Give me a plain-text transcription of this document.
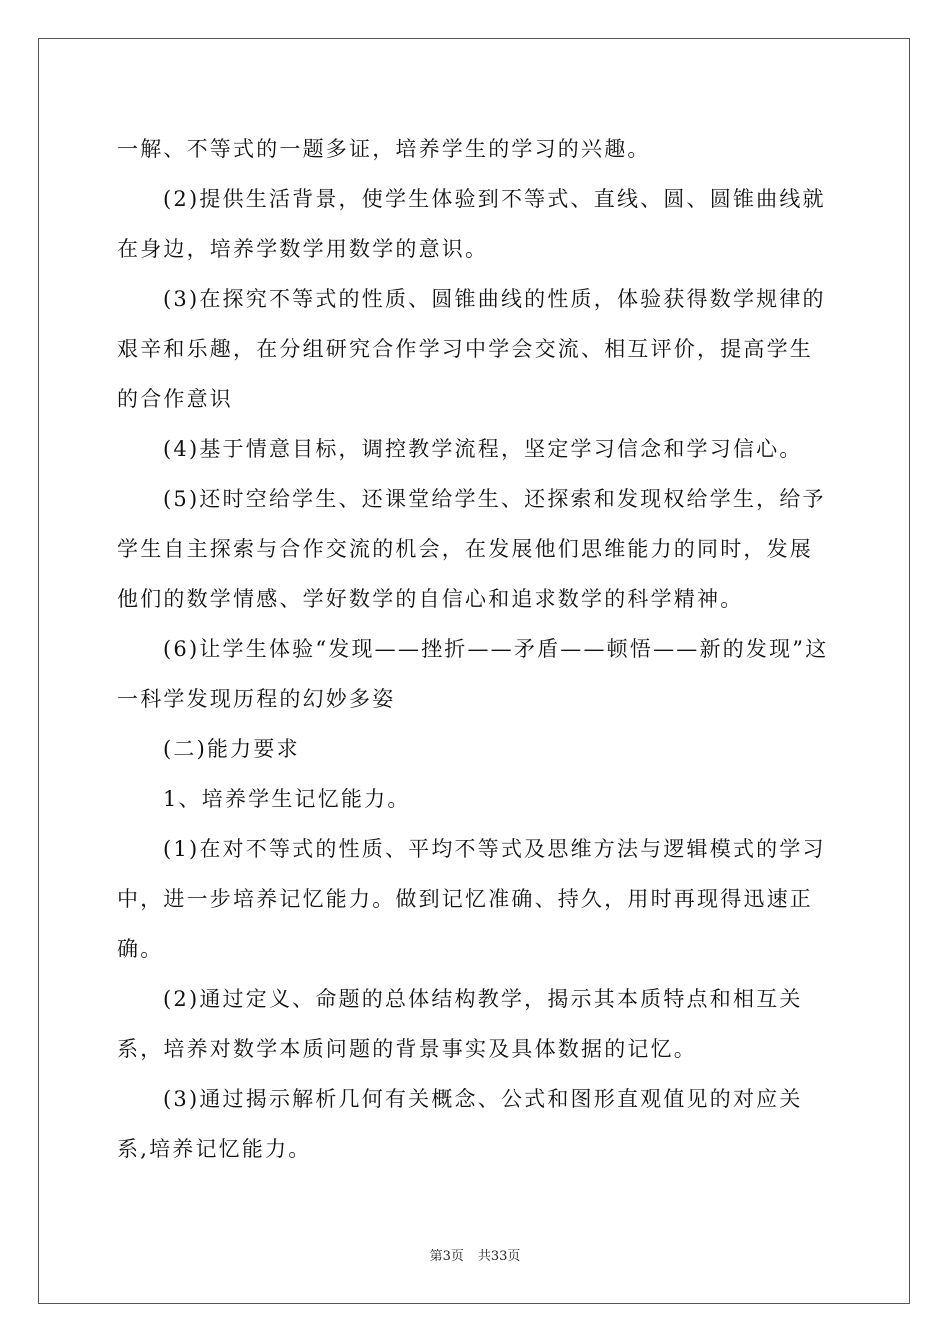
一解、不等式的一题多证，培养学生的学习的兴趣。

(2)提供生活背景，使学生体验到不等式、直线、圆、圆锥曲线就在身边，培养学数学用数学的意识。

(3)在探究不等式的性质、圆锥曲线的性质，体验获得数学规律的艰辛和乐趣，在分组研究合作学习中学会交流、相互评价，提高学生的合作意识

(4)基于情意目标，调控教学流程，坚定学习信念和学习信心。

(5)还时空给学生、还课堂给学生、还探索和发现权给学生，给予学生自主探索与合作交流的机会，在发展他们思维能力的同时，发展他们的数学情感、学好数学的自信心和追求数学的科学精神。

(6)让学生体验“发现——挫折——矛盾——顿悟——新的发现”这一科学发现历程的幻妙多姿

(二)能力要求

1、培养学生记忆能力。

(1)在对不等式的性质、平均不等式及思维方法与逻辑模式的学习中，进一步培养记忆能力。做到记忆准确、持久，用时再现得迅速正确。

(2)通过定义、命题的总体结构教学，揭示其本质特点和相互关系，培养对数学本质问题的背景事实及具体数据的记忆。

(3)通过揭示解析几何有关概念、公式和图形直观值见的对应关系,培养记忆能力。

第3页 共33页
